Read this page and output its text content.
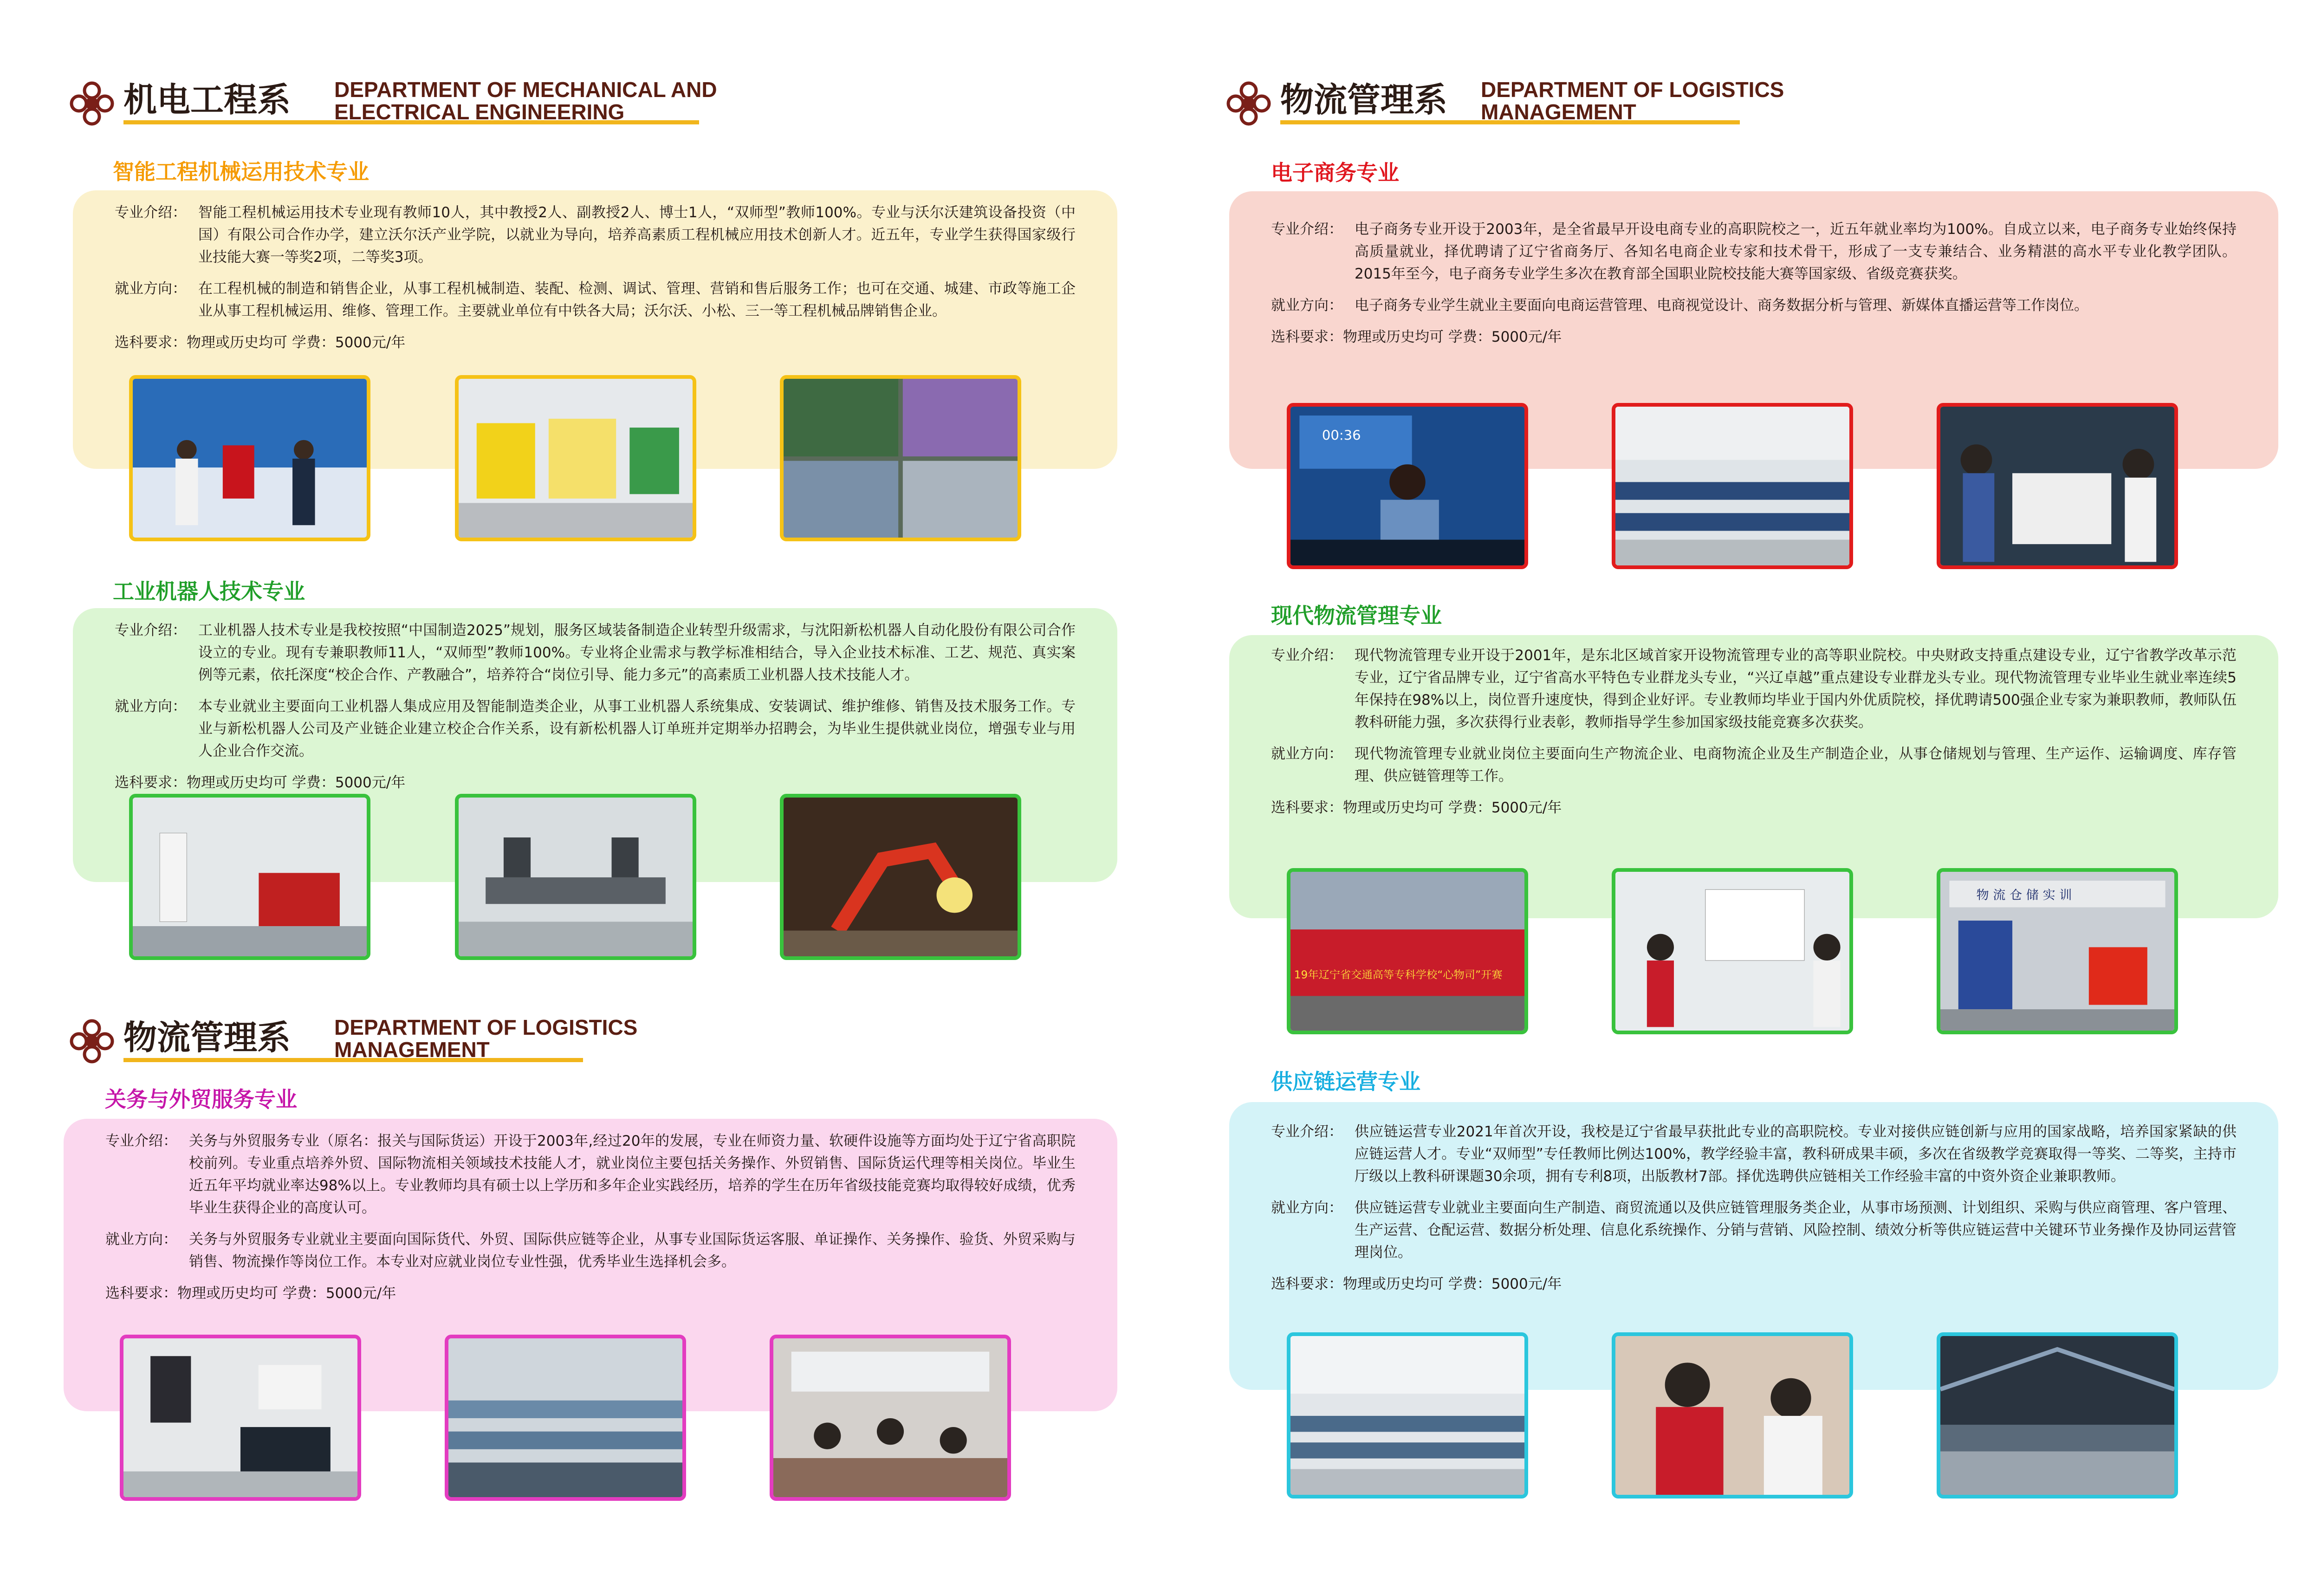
机电工程系 DEPARTMENT OF MECHANICAL AND
ELECTRICAL ENGINEERING
智能工程机械运用技术专业
专业介绍： 智能工程机械运用技术专业现有教师10人，其中教授2人、副教授2人、博士1人，“双师型”教师100%。专业与沃尔沃建筑设备投资（中国）有限公司合作办学，建立沃尔沃产业学院，以就业为导向，培养高素质工程机械应用技术创新人才。近五年，专业学生获得国家级行业技能大赛一等奖2项，二等奖3项。
就业方向： 在工程机械的制造和销售企业，从事工程机械制造、装配、检测、调试、管理、营销和售后服务工作；也可在交通、城建、市政等施工企业从事工程机械运用、维修、管理工作。主要就业单位有中铁各大局；沃尔沃、小松、三一等工程机械品牌销售企业。
选科要求：物理或历史均可 学费：5000元/年
工业机器人技术专业
专业介绍： 工业机器人技术专业是我校按照“中国制造2025”规划，服务区域装备制造企业转型升级需求，与沈阳新松机器人自动化股份有限公司合作设立的专业。现有专兼职教师11人，“双师型”教师100%。专业将企业需求与教学标准相结合，导入企业技术标准、工艺、规范、真实案例等元素，依托深度“校企合作、产教融合”，培养符合“岗位引导、能力多元”的高素质工业机器人技术技能人才。
就业方向： 本专业就业主要面向工业机器人集成应用及智能制造类企业，从事工业机器人系统集成、安装调试、维护维修、销售及技术服务工作。专业与新松机器人公司及产业链企业建立校企合作关系，设有新松机器人订单班并定期举办招聘会，为毕业生提供就业岗位，增强专业与用人企业合作交流。
选科要求：物理或历史均可 学费：5000元/年
物流管理系 DEPARTMENT OF LOGISTICS
MANAGEMENT
关务与外贸服务专业
专业介绍： 关务与外贸服务专业（原名：报关与国际货运）开设于2003年,经过20年的发展，专业在师资力量、软硬件设施等方面均处于辽宁省高职院校前列。专业重点培养外贸、国际物流相关领域技术技能人才，就业岗位主要包括关务操作、外贸销售、国际货运代理等相关岗位。毕业生近五年平均就业率达98%以上。专业教师均具有硕士以上学历和多年企业实践经历，培养的学生在历年省级技能竞赛均取得较好成绩，优秀毕业生获得企业的高度认可。
就业方向： 关务与外贸服务专业就业主要面向国际货代、外贸、国际供应链等企业，从事专业国际货运客服、单证操作、关务操作、验货、外贸采购与销售、物流操作等岗位工作。本专业对应就业岗位专业性强，优秀毕业生选择机会多。
选科要求：物理或历史均可 学费：5000元/年
物流管理系 DEPARTMENT OF LOGISTICS
MANAGEMENT
电子商务专业
专业介绍： 电子商务专业开设于2003年，是全省最早开设电商专业的高职院校之一，近五年就业率均为100%。自成立以来，电子商务专业始终保持高质量就业，择优聘请了辽宁省商务厅、各知名电商企业专家和技术骨干，形成了一支专兼结合、业务精湛的高水平专业化教学团队。2015年至今，电子商务专业学生多次在教育部全国职业院校技能大赛等国家级、省级竞赛获奖。
就业方向： 电子商务专业学生就业主要面向电商运营管理、电商视觉设计、商务数据分析与管理、新媒体直播运营等工作岗位。
选科要求：物理或历史均可 学费：5000元/年
00:36
现代物流管理专业
专业介绍： 现代物流管理专业开设于2001年，是东北区域首家开设物流管理专业的高等职业院校。中央财政支持重点建设专业，辽宁省教学改革示范专业，辽宁省品牌专业，辽宁省高水平特色专业群龙头专业，“兴辽卓越”重点建设专业群龙头专业。现代物流管理专业毕业生就业率连续5年保持在98%以上，岗位晋升速度快，得到企业好评。专业教师均毕业于国内外优质院校，择优聘请500强企业专家为兼职教师，教师队伍教科研能力强，多次获得行业表彰，教师指导学生参加国家级技能竞赛多次获奖。
就业方向： 现代物流管理专业就业岗位主要面向生产物流企业、电商物流企业及生产制造企业，从事仓储规划与管理、生产运作、运输调度、库存管理、供应链管理等工作。
选科要求：物理或历史均可 学费：5000元/年
19年辽宁省交通高等专科学校“心物司”开赛
物 流 仓 储 实 训
供应链运营专业
专业介绍： 供应链运营专业2021年首次开设，我校是辽宁省最早获批此专业的高职院校。专业对接供应链创新与应用的国家战略，培养国家紧缺的供应链运营人才。专业“双师型”专任教师比例达100%，教学经验丰富，教科研成果丰硕，多次在省级教学竞赛取得一等奖、二等奖，主持市厅级以上教科研课题30余项，拥有专利8项，出版教材7部。择优选聘供应链相关工作经验丰富的中资外资企业兼职教师。
就业方向： 供应链运营专业就业主要面向生产制造、商贸流通以及供应链管理服务类企业，从事市场预测、计划组织、采购与供应商管理、客户管理、生产运营、仓配运营、数据分析处理、信息化系统操作、分销与营销、风险控制、绩效分析等供应链运营中关键环节业务操作及协同运营管理岗位。
选科要求：物理或历史均可 学费：5000元/年
